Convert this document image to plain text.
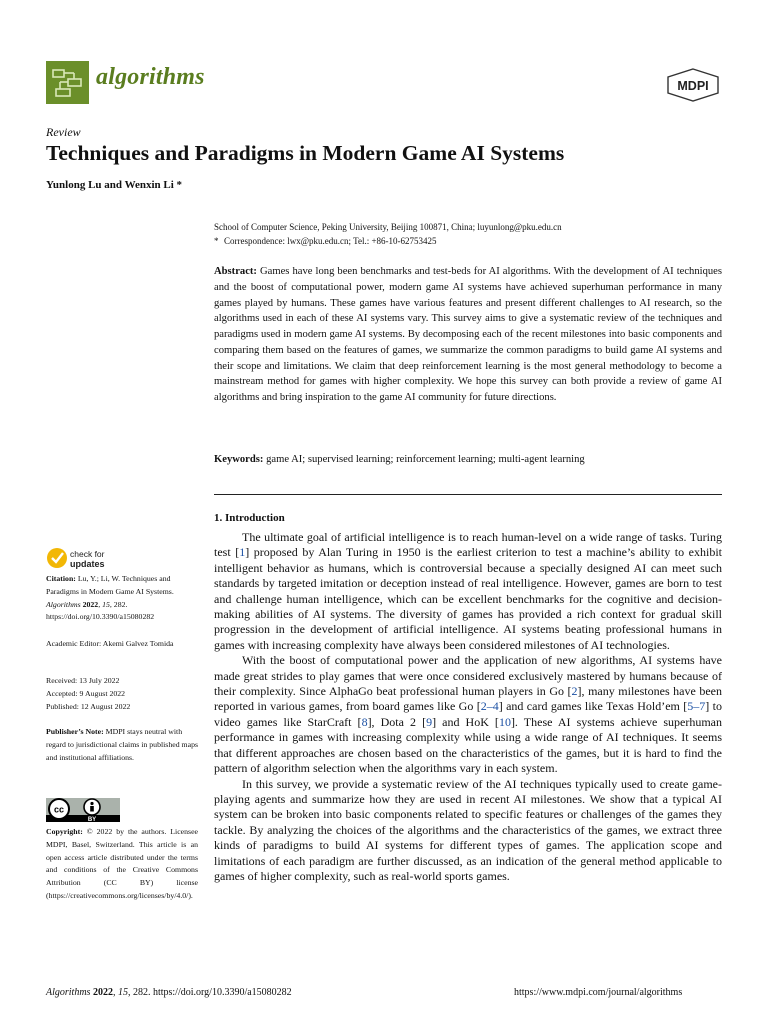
algorithms	MDPI
Review
Techniques and Paradigms in Modern Game AI Systems
Yunlong Lu and Wenxin Li *
School of Computer Science, Peking University, Beijing 100871, China; luyunlong@pku.edu.cn
* Correspondence: lwx@pku.edu.cn; Tel.: +86-10-62753425
Abstract: Games have long been benchmarks and test-beds for AI algorithms. With the development of AI techniques and the boost of computational power, modern game AI systems have achieved superhuman performance in many games played by humans. These games have various features and present different challenges to AI research, so the algorithms used in each of these AI systems vary. This survey aims to give a systematic review of the techniques and paradigms used in modern game AI systems. By decomposing each of the recent milestones into basic components and comparing them based on the features of games, we summarize the common paradigms to build game AI systems and their scope and limitations. We claim that deep reinforcement learning is the most general methodology to become a mainstream method for games with higher complexity. We hope this survey can both provide a review of game AI algorithms and bring inspiration to the game AI community for future directions.
Keywords: game AI; supervised learning; reinforcement learning; multi-agent learning
1. Introduction

The ultimate goal of artificial intelligence is to reach human-level on a wide range of tasks. Turing test [1] proposed by Alan Turing in 1950 is the earliest criterion to test a machine’s ability to exhibit intelligent behavior as humans, which is controversial because a specially designed AI can meet such standards by targeted imitation or deception instead of real intelligence. However, games are born to test and challenge human intelligence, which can be excellent benchmarks for the cognitive and decision-making abilities of AI systems. The diversity of games has provided a rich context for gradual skill progression in the development of artificial intelligence. AI systems beating professional humans in games with increasing complexity have always been considered milestones of AI technologies.

With the boost of computational power and the application of new algorithms, AI systems have made great strides to play games that were once considered exclusively mastered by humans because of their complexity. Since AlphaGo beat professional human players in Go [2], many milestones have been reported in various games, from board games like Go [2–4] and card games like Texas Hold’em [5–7] to video games like StarCraft [8], Dota 2 [9] and HoK [10]. These AI systems achieve superhuman performance in games with increasing complexity while using a wide range of AI techniques. It seems that different approaches are chosen based on the characteristics of the games, but it is hard to find the pattern of algorithm selection when the algorithms vary in each system.

In this survey, we provide a systematic review of the AI techniques typically used to create game-playing agents and summarize how they are used in recent AI milestones. We show that a typical AI system can be broken into basic components related to specific features or challenges of the games they tackle. By analyzing the choices of the algorithms and the characteristics of the games, we extract three kinds of paradigms to build AI systems for different types of games. The application scope and limitations of each paradigm are further discussed, as an indication of the general method applicable to games of higher complexity, such as real-world sports games.

check for
updates

Citation: Lu, Y.; Li, W. Techniques and Paradigms in Modern Game AI Systems. Algorithms 2022, 15, 282. https://doi.org/10.3390/a15080282

Academic Editor: Akemi Galvez Tomida

Received: 13 July 2022

Accepted: 9 August 2022

Published: 12 August 2022

Publisher’s Note: MDPI stays neutral with regard to jurisdictional claims in published maps and institutional affiliations.

cc
BY

Copyright: © 2022 by the authors. Licensee MDPI, Basel, Switzerland. This article is an open access article distributed under the terms and conditions of the Creative Commons Attribution (CC BY) license (https://creativecommons.org/licenses/by/4.0/).

Algorithms 2022, 15, 282. https://doi.org/10.3390/a15080282	https://www.mdpi.com/journal/algorithms
